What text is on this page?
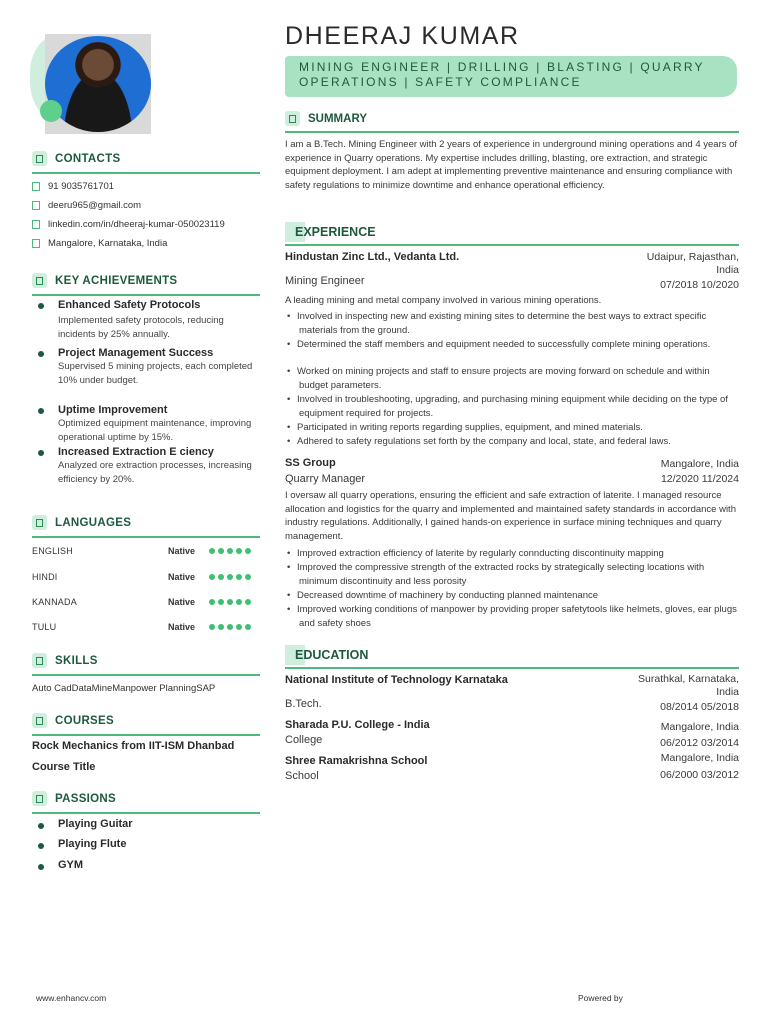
CONTACTS
91 9035761701
deeru965@gmail.com
linkedin.com/in/dheeraj-kumar-050023119
Mangalore, Karnataka, India
KEY ACHIEVEMENTS
Enhanced Safety Protocols
Implemented safety protocols, reducing incidents by 25% annually.
Project Management Success
Supervised 5 mining projects, each completed 10% under budget.
Uptime Improvement
Optimized equipment maintenance, improving operational uptime by 15%.
Increased Extraction E ciency
Analyzed ore extraction processes, increasing efficiency by 20%.
LANGUAGES
ENGLISH	Native
HINDI	Native
KANNADA	Native
TULU	Native
SKILLS
Auto CadDataMineManpower PlanningSAP
COURSES
Rock Mechanics from IIT-ISM Dhanbad
Course Title
PASSIONS
Playing Guitar
Playing Flute
GYM
DHEERAJ KUMAR
MINING ENGINEER | DRILLING | BLASTING | QUARRY OPERATIONS | SAFETY COMPLIANCE
SUMMARY
I am a B.Tech. Mining Engineer with 2 years of experience in underground mining operations and 4 years of experience in Quarry operations. My expertise includes drilling, blasting, ore extraction, and strategic equipment deployment. I am adept at implementing preventive maintenance and ensuring compliance with safety regulations to minimize downtime and enhance operational efficiency.
EXPERIENCE
Hindustan Zinc Ltd., Vedanta Ltd.	Udaipur, Rajasthan, India
Mining Engineer	07/2018 10/2020
A leading mining and metal company involved in various mining operations.
• Involved in inspecting new and existing mining sites to determine the best ways to extract specific materials from the ground.
• Determined the staff members and equipment needed to successfully complete mining operations.
• Worked on mining projects and staff to ensure projects are moving forward on schedule and within budget parameters.
• Involved in troubleshooting, upgrading, and purchasing mining equipment while deciding on the type of equipment required for projects.
• Participated in writing reports regarding supplies, equipment, and mined materials.
• Adhered to safety regulations set forth by the company and local, state, and federal laws.
SS Group	Mangalore, India
Quarry Manager	12/2020 11/2024
I oversaw all quarry operations, ensuring the efficient and safe extraction of laterite. I managed resource allocation and logistics for the quarry and implemented and maintained safety standards in accordance with industry regulations. Additionally, I gained hands-on experience in surface mining techniques and quarry management.
• Improved extraction efficiency of laterite by regularly connducting discontinuity mapping
• Improved the compressive strength of the extracted rocks by strategically selecting locations with minimum discontinuity and less porosity
• Decreased downtime of machinery by conducting planned maintenance
• Improved working conditions of manpower by providing proper safetytools like helmets, gloves, ear plugs and safety shoes
EDUCATION
National Institute of Technology Karnataka	Surathkal, Karnataka, India
B.Tech.	08/2014 05/2018
Sharada P.U. College - India	Mangalore, India
College	06/2012 03/2014
Shree Ramakrishna School	Mangalore, India
School	06/2000 03/2012
www.enhancv.com	Powered by
